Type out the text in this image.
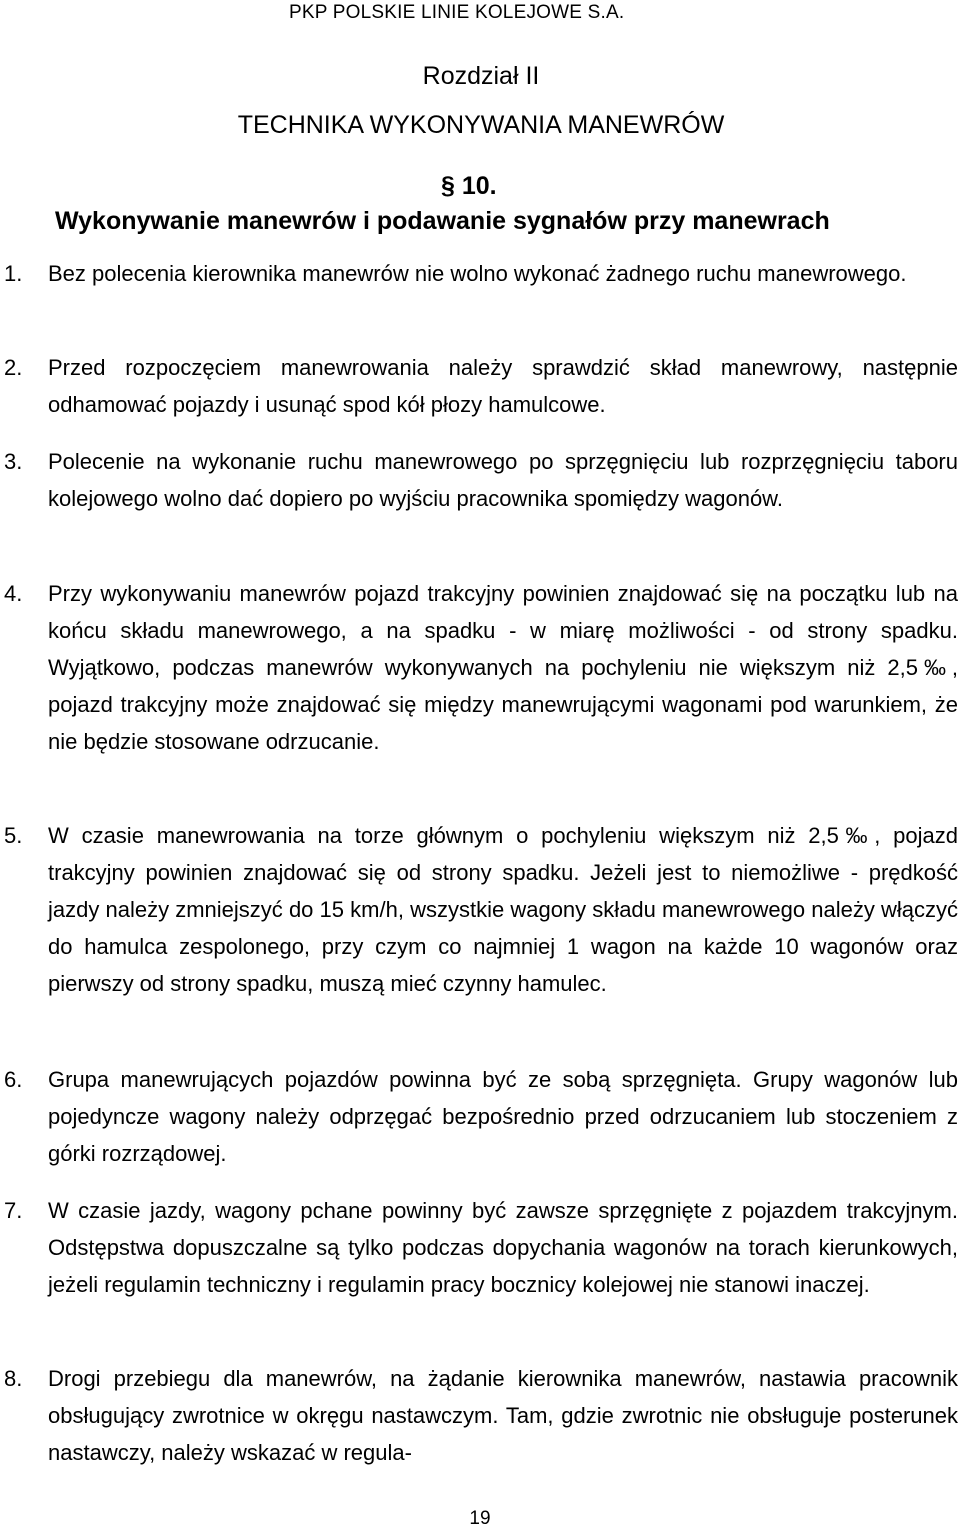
PKP POLSKIE LINIE KOLEJOWE S.A.
Rozdział II
TECHNIKA WYKONYWANIA MANEWRÓW
§ 10.
Wykonywanie manewrów i podawanie sygnałów przy manewrach
1. Bez polecenia kierownika manewrów nie wolno wykonać żadnego ruchu manewrowego.
2. Przed rozpoczęciem manewrowania należy sprawdzić skład manewrowy, następnie odhamować pojazdy i usunąć spod kół płozy hamulcowe.
3. Polecenie na wykonanie ruchu manewrowego po sprzęgnięciu lub rozprzęgnięciu taboru kolejowego wolno dać dopiero po wyjściu pracownika spomiędzy wagonów.
4. Przy wykonywaniu manewrów pojazd trakcyjny powinien znajdować się na początku lub na końcu składu manewrowego, a na spadku - w miarę możliwości - od strony spadku. Wyjątkowo, podczas manewrów wykonywanych na pochyleniu nie większym niż 2,5‰, pojazd trakcyjny może znajdować się między manewrującymi wagonami pod warunkiem, że nie będzie stosowane odrzucanie.
5. W czasie manewrowania na torze głównym o pochyleniu większym niż 2,5‰, pojazd trakcyjny powinien znajdować się od strony spadku. Jeżeli jest to niemożliwe - prędkość jazdy należy zmniejszyć do 15 km/h, wszystkie wagony składu manewrowego należy włączyć do hamulca zespolonego, przy czym co najmniej 1 wagon na każde 10 wagonów oraz pierwszy od strony spadku, muszą mieć czynny hamulec.
6. Grupa manewrujących pojazdów powinna być ze sobą sprzęgnięta. Grupy wagonów lub pojedyncze wagony należy odprzęgać bezpośrednio przed odrzucaniem lub stoczeniem z górki rozrządowej.
7. W czasie jazdy, wagony pchane powinny być zawsze sprzęgnięte z pojazdem trakcyjnym. Odstępstwa dopuszczalne są tylko podczas dopychania wagonów na torach kierunkowych, jeżeli regulamin techniczny i regulamin pracy bocznicy kolejowej nie stanowi inaczej.
8. Drogi przebiegu dla manewrów, na żądanie kierownika manewrów, nastawia pracownik obsługujący zwrotnice w okręgu nastawczym. Tam, gdzie zwrotnic nie obsługuje posterunek nastawczy, należy wskazać w regula-
19
